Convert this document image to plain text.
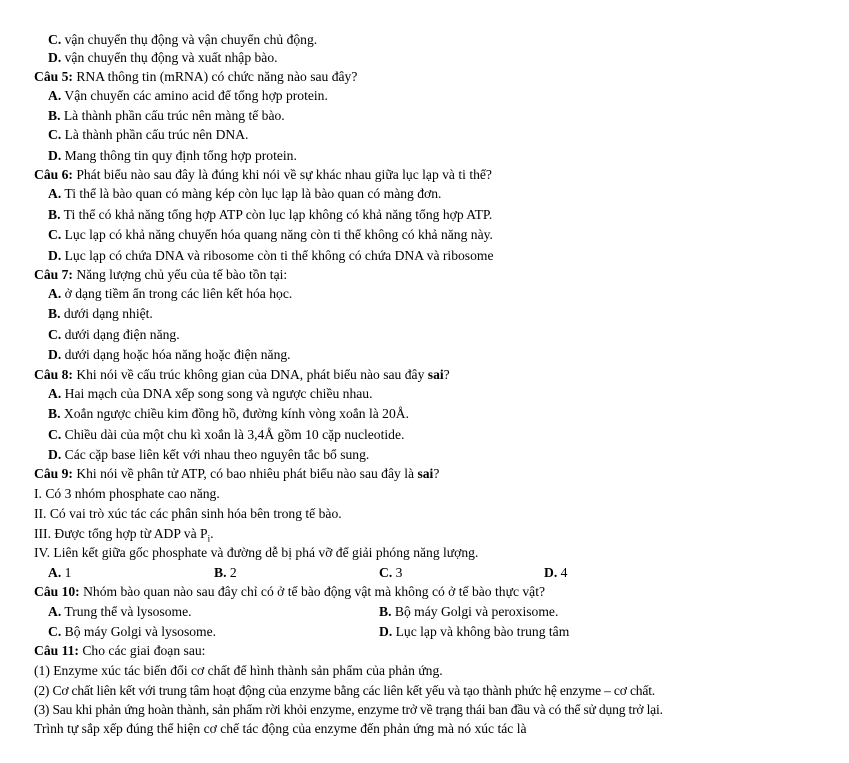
C. vận chuyển thụ động và vận chuyển chủ động.
D. vận chuyển thụ động và xuất nhập bào.
Câu 5: RNA thông tin (mRNA) có chức năng nào sau đây?
A. Vận chuyển các amino acid để tổng hợp protein.
B. Là thành phần cấu trúc nên màng tế bào.
C. Là thành phần cấu trúc nên DNA.
D. Mang thông tin quy định tổng hợp protein.
Câu 6: Phát biểu nào sau đây là đúng khi nói về sự khác nhau giữa lục lạp và ti thể?
A. Ti thể là bào quan có màng kép còn lục lạp là bào quan có màng đơn.
B. Ti thể có khả năng tổng hợp ATP còn lục lạp không có khả năng tổng hợp ATP.
C. Lục lạp có khả năng chuyển hóa quang năng còn ti thể không có khả năng này.
D. Lục lạp có chứa DNA và ribosome còn ti thể không có chứa DNA và ribosome
Câu 7: Năng lượng chủ yếu của tế bào tồn tại:
A. ở dạng tiềm ẩn trong các liên kết hóa học.
B. dưới dạng nhiệt.
C. dưới dạng điện năng.
D. dưới dạng hoặc hóa năng hoặc điện năng.
Câu 8: Khi nói về cấu trúc không gian của DNA, phát biểu nào sau đây sai?
A. Hai mạch của DNA xếp song song và ngược chiều nhau.
B. Xoắn ngược chiều kim đồng hồ, đường kính vòng xoắn là 20Å.
C. Chiều dài của một chu kì xoắn là 3,4Å gồm 10 cặp nucleotide.
D. Các cặp base liên kết với nhau theo nguyên tắc bổ sung.
Câu 9: Khi nói về phân tử ATP, có bao nhiêu phát biểu nào sau đây là sai?
I. Có 3 nhóm phosphate cao năng.
II. Có vai trò xúc tác các phân sinh hóa bên trong tế bào.
III. Được tổng hợp từ ADP và $P_i$.
IV. Liên kết giữa gốc phosphate và đường dễ bị phá vỡ để giải phóng năng lượng.
A. 1	B. 2	C. 3	D. 4
Câu 10: Nhóm bào quan nào sau đây chỉ có ở tế bào động vật mà không có ở tế bào thực vật?
A. Trung thể và lysosome.	B. Bộ máy Golgi và peroxisome.
C. Bộ máy Golgi và lysosome.	D. Lục lạp và không bào trung tâm
Câu 11: Cho các giai đoạn sau:
(1) Enzyme xúc tác biến đổi cơ chất để hình thành sản phẩm của phản ứng.
(2) Cơ chất liên kết với trung tâm hoạt động của enzyme bằng các liên kết yếu và tạo thành phức hệ enzyme – cơ chất.
(3) Sau khi phản ứng hoàn thành, sản phẩm rời khỏi enzyme, enzyme trở về trạng thái ban đầu và có thể sử dụng trở lại.
Trình tự sắp xếp đúng thể hiện cơ chế tác động của enzyme đến phản ứng mà nó xúc tác là
